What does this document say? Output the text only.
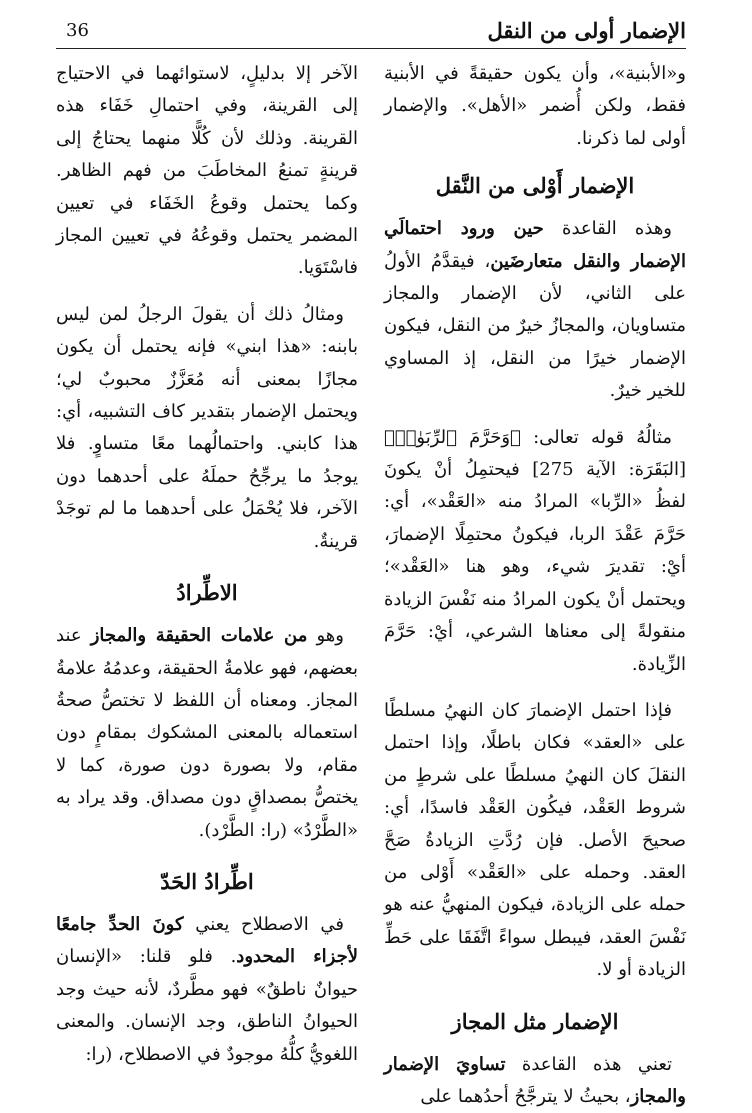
الإضمار أولى من النقل
36

و«الأبنية»، وأن يكون حقيقةً في الأبنية فقط، ولكن أُضمر «الأهل». والإضمار أولى لما ذكرنا.

الإضمار أَوْلى من النَّقل

وهذه القاعدة حين ورود احتمالَي الإضمار والنقل متعارضَين، فيقدَّمُ الأولُ على الثاني، لأن الإضمار والمجاز متساويان، والمجازُ خيرٌ من النقل، فيكون الإضمار خيرًا من النقل، إذ المساوي للخير خيرٌ.

مثالُهُ قوله تعالى: ﴿وَحَرَّمَ ٱلرِّبَوٰا۟﴾ [البَقَرَة: الآية 275] فيحتمِلُ أنْ يكونَ لفظُ «الرِّبا» المرادُ منه «العَقْد»، أي: حَرَّمَ عَقْدَ الربا، فيكونُ محتمِلًا الإضمارَ، أيْ: تقديرَ شيء، وهو هنا «العَقْد»؛ ويحتمل أنْ يكون المرادُ منه نَفْسَ الزيادة منقولةً إلى معناها الشرعي، أيْ: حَرَّمَ الزِّيادة.

فإذا احتمل الإضمارَ كان النهيُ مسلطًا على «العقد» فكان باطلًا، وإذا احتمل النقلَ كان النهيُ مسلطًا على شرطٍ من شروط العَقْد، فيكُون العَقْد فاسدًا، أي: صحيحَ الأصل. فإن رُدَّتِ الزيادةُ صَحَّ العقد. وحمله على «العَقْد» أَوْلى من حمله على الزيادة، فيكون المنهيُّ عنه هو نَفْسَ العقد، فيبطل سواءً اتَّفَقَا على حَطِّ الزيادة أو لا.

الإضمار مثل المجاز

تعني هذه القاعدة تساويَ الإضمار والمجاز، بحيثُ لا يترجَّحُ أحدُهما على

الآخر إلا بدليلٍ، لاستوائهما في الاحتياج إلى القرينة، وفي احتمالِ خَفَاء هذه القرينة. وذلك لأن كُلًّا منهما يحتاجُ إلى قرينةٍ تمنعُ المخاطَبَ من فهم الظاهر. وكما يحتمل وقوعُ الخَفَاء في تعيين المضمر يحتمل وقوعُهُ في تعيين المجاز فاسْتَوَيا.

ومثالُ ذلك أن يقولَ الرجلُ لمن ليس بابنه: «هذا ابني» فإنه يحتمل أن يكون مجازًا بمعنى أنه مُعَزَّزٌ محبوبٌ لي؛ ويحتمل الإضمار بتقدير كاف التشبيه، أي: هذا كابني. واحتمالُهما معًا متساوٍ. فلا يوجدُ ما يرجِّحُ حملَهُ على أحدهما دون الآخر، فلا يُحْمَلُ على أحدهما ما لم توجَدْ قرينةٌ.

الاطِّرادُ

وهو من علامات الحقيقة والمجاز عند بعضهم، فهو علامةُ الحقيقة، وعدمُهُ علامةُ المجاز. ومعناه أن اللفظ لا تختصُّ صحةُ استعماله بالمعنى المشكوك بمقامٍ دون مقام، ولا بصورة دون صورة، كما لا يختصُّ بمصداقٍ دون مصداق. وقد يراد به «الطَّرْدُ» (را: الطَّرْد).

اطِّرادُ الحَدّ

في الاصطلاح يعني كونَ الحدِّ جامعًا لأجزاء المحدود. فلو قلنا: «الإنسان حيوانٌ ناطقٌ» فهو مطَّردٌ، لأنه حيث وجد الحيوانُ الناطق، وجد الإنسان. والمعنى اللغويُّ كلُّهُ موجودٌ في الاصطلاح، (را:
